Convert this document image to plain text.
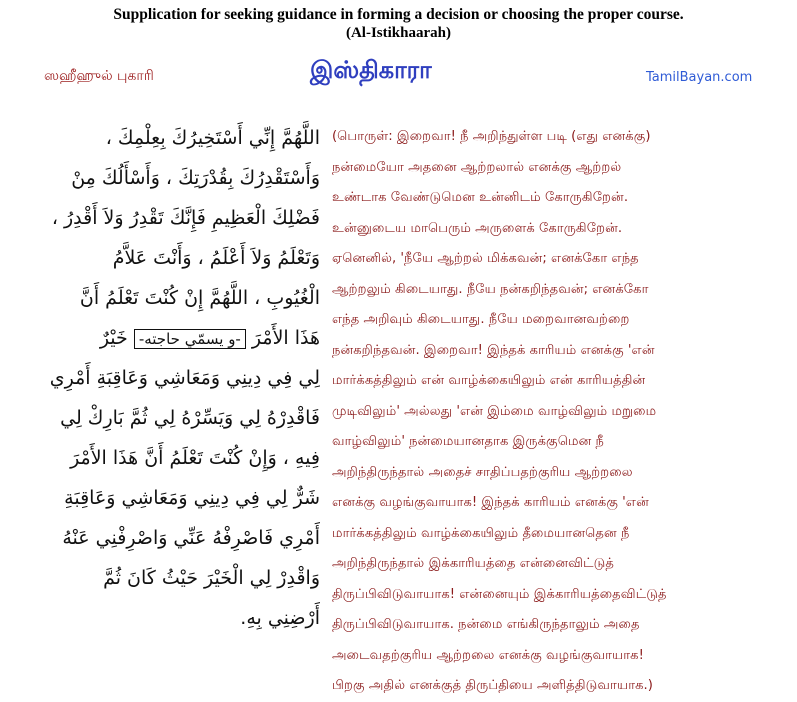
Supplication for seeking guidance in forming a decision or choosing the proper course.
(Al-Istikhaarah)
ஸஹீஹுல் புகாரி	இஸ்திகாரா	TamilBayan.com
اللَّهُمَّ إِنِّي أَسْتَخِيرُكَ بِعِلْمِكَ ،
وَأَسْتَقْدِرُكَ بِقُدْرَتِكَ ، وَأَسْأَلُكَ مِنْ
فَضْلِكَ الْعَظِيمِ فَإِنَّكَ تَقْدِرُ وَلاَ أَقْدِرُ ،
وَتَعْلَمُ وَلاَ أَعْلَمُ ، وَأَنْتَ عَلاَّمُ
الْغُيُوبِ ، اللَّهُمَّ إِنْ كُنْتَ تَعْلَمُ أَنَّ
هَذَا الأَمْرَ -و يسمّي حاجته- خَيْرٌ
لِي فِي دِينِي وَمَعَاشِي وَعَاقِبَةِ أَمْرِي
فَاقْدِرْهُ لِي وَيَسِّرْهُ لِي ثُمَّ بَارِكْ لِي
فِيهِ ، وَإِنْ كُنْتَ تَعْلَمُ أَنَّ هَذَا الأَمْرَ
شَرٌّ لِي فِي دِينِي وَمَعَاشِي وَعَاقِبَةِ
أَمْرِي فَاصْرِفْهُ عَنِّي وَاصْرِفْنِي عَنْهُ
وَاقْدِرْ لِي الْخَيْرَ حَيْثُ كَانَ ثُمَّ
أَرْضِنِي بِهِ.
(பொருள்: இறைவா! நீ அறிந்துள்ள படி (எது எனக்கு)
நன்மையோ அதனை ஆற்றலால் எனக்கு ஆற்றல்
உண்டாக வேண்டுமென உன்னிடம் கோருகிறேன்.
உன்னுடைய மாபெரும் அருளைக் கோருகிறேன்.
ஏனெனில், 'நீயே ஆற்றல் மிக்கவன்; எனக்கோ எந்த
ஆற்றலும் கிடையாது. நீயே நன்கறிந்தவன்; எனக்கோ
எந்த அறிவும் கிடையாது. நீயே மறைவானவற்றை
நன்கறிந்தவன். இறைவா! இந்தக் காரியம் எனக்கு 'என்
மார்க்கத்திலும் என் வாழ்க்கையிலும் என் காரியத்தின்
முடிவிலும்' அல்லது 'என் இம்மை வாழ்விலும் மறுமை
வாழ்விலும்' நன்மையானதாக இருக்குமென நீ
அறிந்திருந்தால் அதைச் சாதிப்பதற்குரிய ஆற்றலை
எனக்கு வழங்குவாயாக! இந்தக் காரியம் எனக்கு 'என்
மார்க்கத்திலும் வாழ்க்கையிலும் தீமையானதென நீ
அறிந்திருந்தால் இக்காரியத்தை என்னைவிட்டுத்
திருப்பிவிடுவாயாக! என்னையும் இக்காரியத்தைவிட்டுத்
திருப்பிவிடுவாயாக. நன்மை எங்கிருந்தாலும் அதை
அடைவதற்குரிய ஆற்றலை எனக்கு வழங்குவாயாக!
பிறகு அதில் எனக்குத் திருப்தியை அளித்திடுவாயாக.)
